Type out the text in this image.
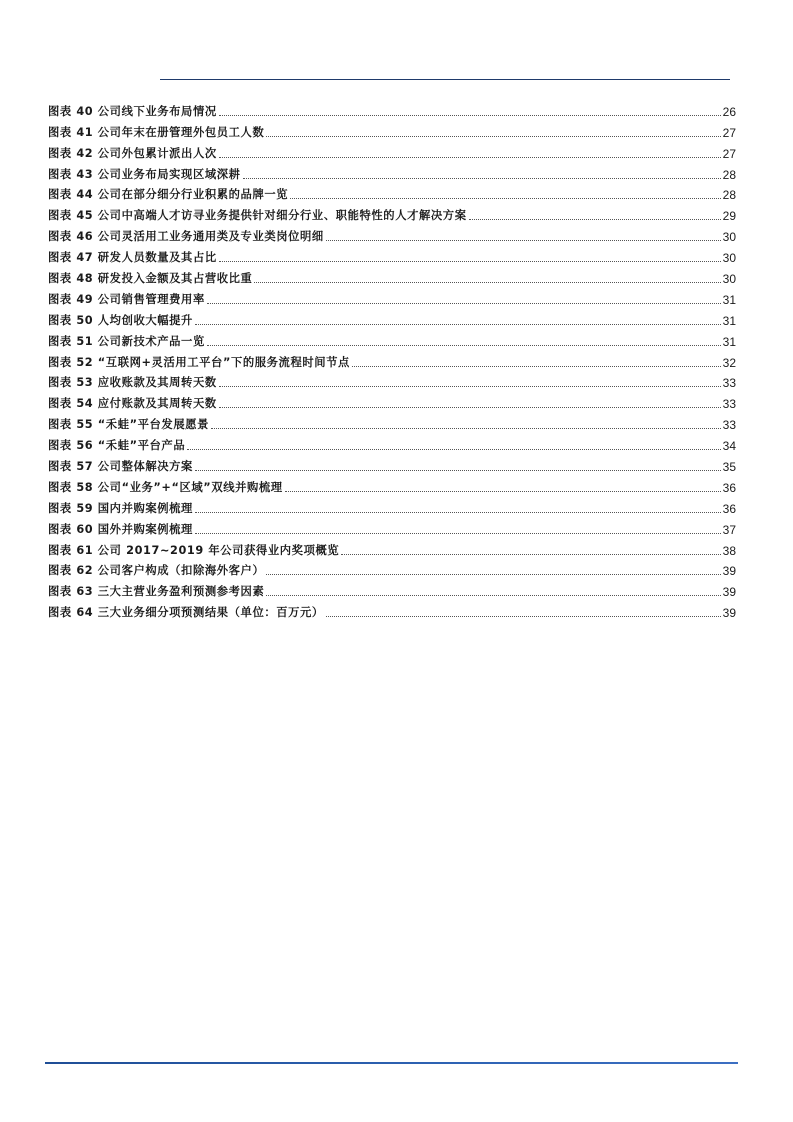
图表 40 公司线下业务布局情况	26
图表 41 公司年末在册管理外包员工人数	27
图表 42 公司外包累计派出人次	27
图表 43 公司业务布局实现区域深耕	28
图表 44 公司在部分细分行业积累的品牌一览	28
图表 45 公司中高端人才访寻业务提供针对细分行业、职能特性的人才解决方案	29
图表 46 公司灵活用工业务通用类及专业类岗位明细	30
图表 47 研发人员数量及其占比	30
图表 48 研发投入金额及其占营收比重	30
图表 49 公司销售管理费用率	31
图表 50 人均创收大幅提升	31
图表 51 公司新技术产品一览	31
图表 52 “互联网+灵活用工平台”下的服务流程时间节点	32
图表 53 应收账款及其周转天数	33
图表 54 应付账款及其周转天数	33
图表 55 “禾蛙”平台发展愿景	33
图表 56 “禾蛙”平台产品	34
图表 57 公司整体解决方案	35
图表 58 公司“业务”+“区域”双线并购梳理	36
图表 59 国内并购案例梳理	36
图表 60 国外并购案例梳理	37
图表 61 公司 2017~2019 年公司获得业内奖项概览	38
图表 62 公司客户构成（扣除海外客户）	39
图表 63 三大主营业务盈利预测参考因素	39
图表 64 三大业务细分项预测结果（单位：百万元）	39
